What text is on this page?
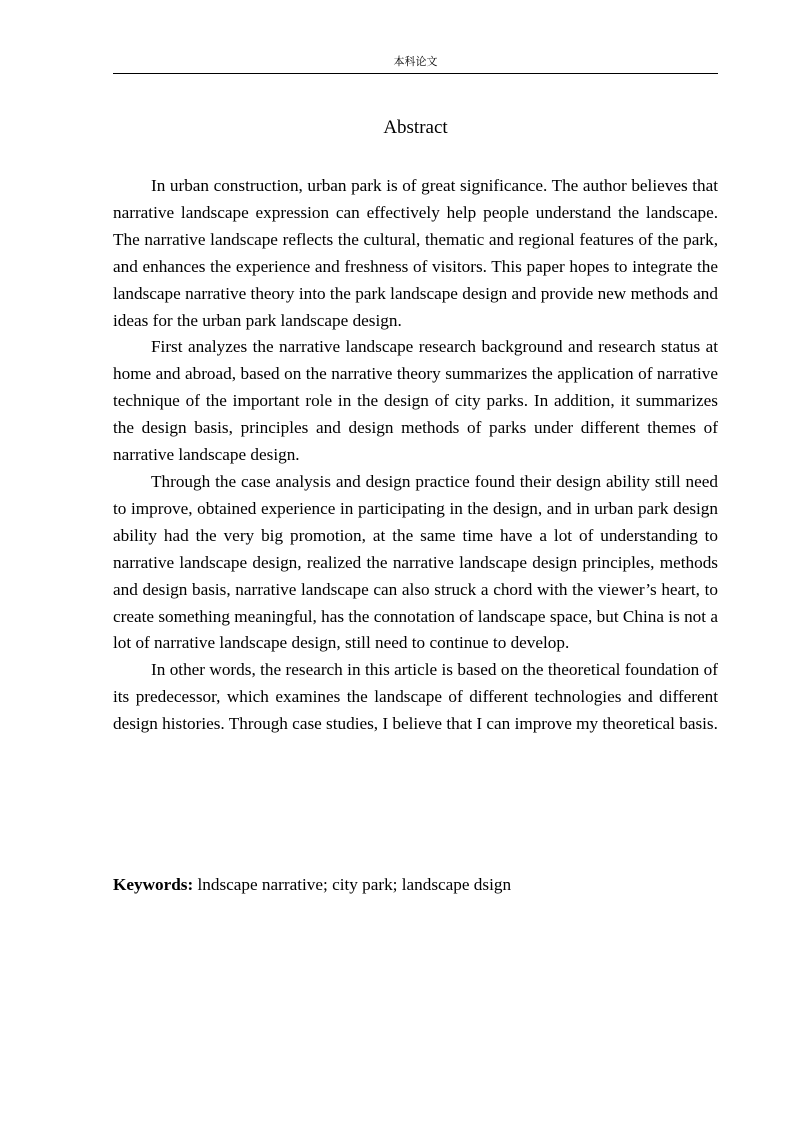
本科论文
Abstract

In urban construction, urban park is of great significance. The author believes that narrative landscape expression can effectively help people understand the landscape. The narrative landscape reflects the cultural, thematic and regional features of the park, and enhances the experience and freshness of visitors. This paper hopes to integrate the landscape narrative theory into the park landscape design and provide new methods and ideas for the urban park landscape design.

First analyzes the narrative landscape research background and research status at home and abroad, based on the narrative theory summarizes the application of narrative technique of the important role in the design of city parks. In addition, it summarizes the design basis, principles and design methods of parks under different themes of narrative landscape design.

Through the case analysis and design practice found their design ability still need to improve, obtained experience in participating in the design, and in urban park design ability had the very big promotion, at the same time have a lot of understanding to narrative landscape design, realized the narrative landscape design principles, methods and design basis, narrative landscape can also struck a chord with the viewer’s heart, to create something meaningful, has the connotation of landscape space, but China is not a lot of narrative landscape design, still need to continue to develop.

In other words, the research in this article is based on the theoretical foundation of its predecessor, which examines the landscape of different technologies and different design histories. Through case studies, I believe that I can improve my theoretical basis.

Keywords: lndscape narrative; city park; landscape dsign
